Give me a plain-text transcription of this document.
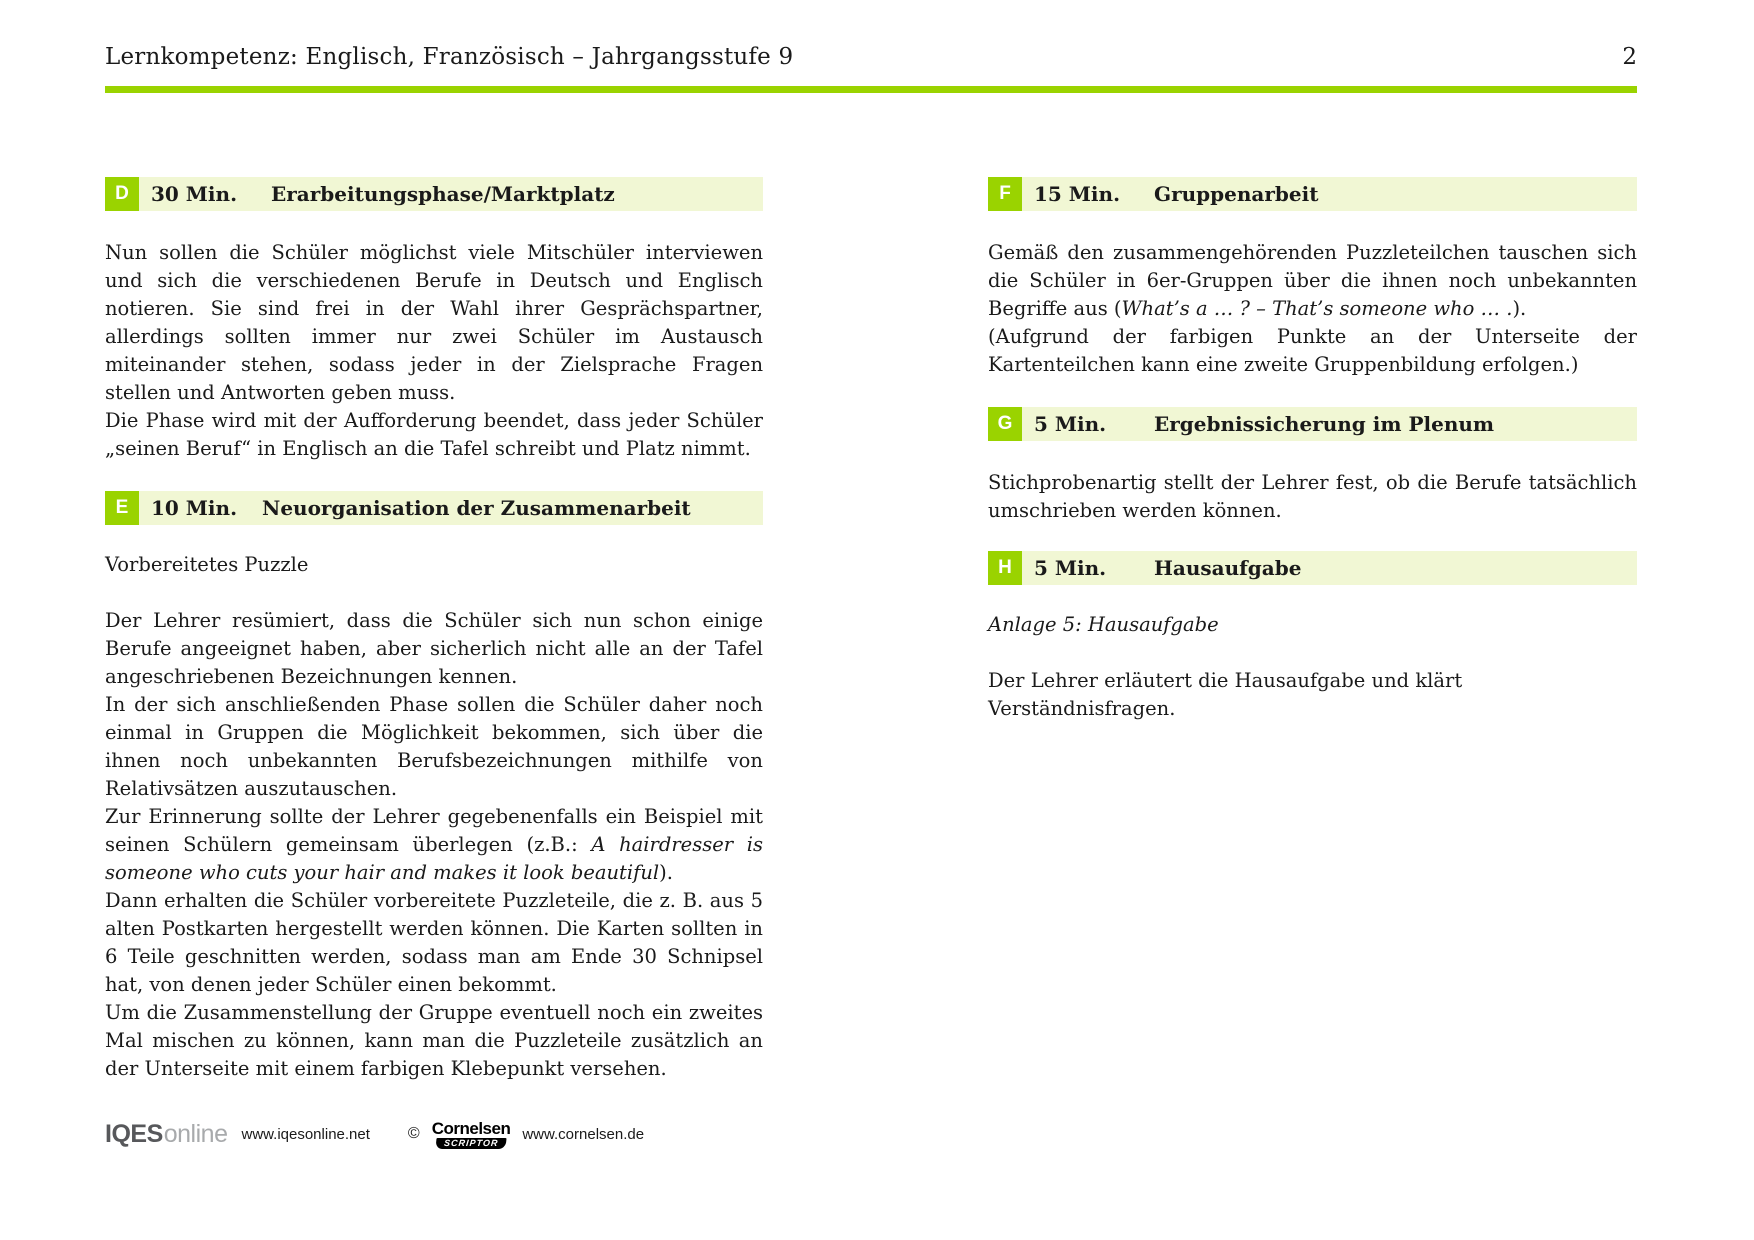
Lernkompetenz: Englisch, Französisch – Jahrgangsstufe 9	2
D	30 Min.	Erarbeitungsphase/Marktplatz
Nun sollen die Schüler möglichst viele Mitschüler interviewen und sich die verschiedenen Berufe in Deutsch und Englisch notieren. Sie sind frei in der Wahl ihrer Gesprächspartner, allerdings sollten immer nur zwei Schüler im Austausch miteinander stehen, sodass jeder in der Zielsprache Fragen stellen und Antworten geben muss.
Die Phase wird mit der Aufforderung beendet, dass jeder Schüler „seinen Beruf“ in Englisch an die Tafel schreibt und Platz nimmt.
E	10 Min. Neuorganisation der Zusammenarbeit
Vorbereitetes Puzzle
Der Lehrer resümiert, dass die Schüler sich nun schon einige Berufe angeeignet haben, aber sicherlich nicht alle an der Tafel angeschriebenen Bezeichnungen kennen.
In der sich anschließenden Phase sollen die Schüler daher noch einmal in Gruppen die Möglichkeit bekommen, sich über die ihnen noch unbekannten Berufsbezeichnungen mithilfe von Relativsätzen auszutauschen.
Zur Erinnerung sollte der Lehrer gegebenenfalls ein Beispiel mit seinen Schülern gemeinsam überlegen (z.B.: A hairdresser is someone who cuts your hair and makes it look beautiful).
Dann erhalten die Schüler vorbereitete Puzzleteile, die z. B. aus 5 alten Postkarten hergestellt werden können. Die Karten sollten in 6 Teile geschnitten werden, sodass man am Ende 30 Schnipsel hat, von denen jeder Schüler einen bekommt.
Um die Zusammenstellung der Gruppe eventuell noch ein zweites Mal mischen zu können, kann man die Puzzleteile zusätzlich an der Unterseite mit einem farbigen Klebepunkt versehen.
F	15 Min.	Gruppenarbeit
Gemäß den zusammengehörenden Puzzleteilchen tauschen sich die Schüler in 6er-Gruppen über die ihnen noch unbekannten Begriffe aus (What’s a … ? – That’s someone who … .).
(Aufgrund der farbigen Punkte an der Unterseite der Kartenteilchen kann eine zweite Gruppenbildung erfolgen.)
G	5 Min.	Ergebnissicherung im Plenum
Stichprobenartig stellt der Lehrer fest, ob die Berufe tatsächlich umschrieben werden können.
H	5 Min.	Hausaufgabe
Anlage 5: Hausaufgabe
Der Lehrer erläutert die Hausaufgabe und klärt Verständnisfragen.
IQESonline www.iqesonline.net © Cornelsen
SCRIPTOR	www.cornelsen.de
